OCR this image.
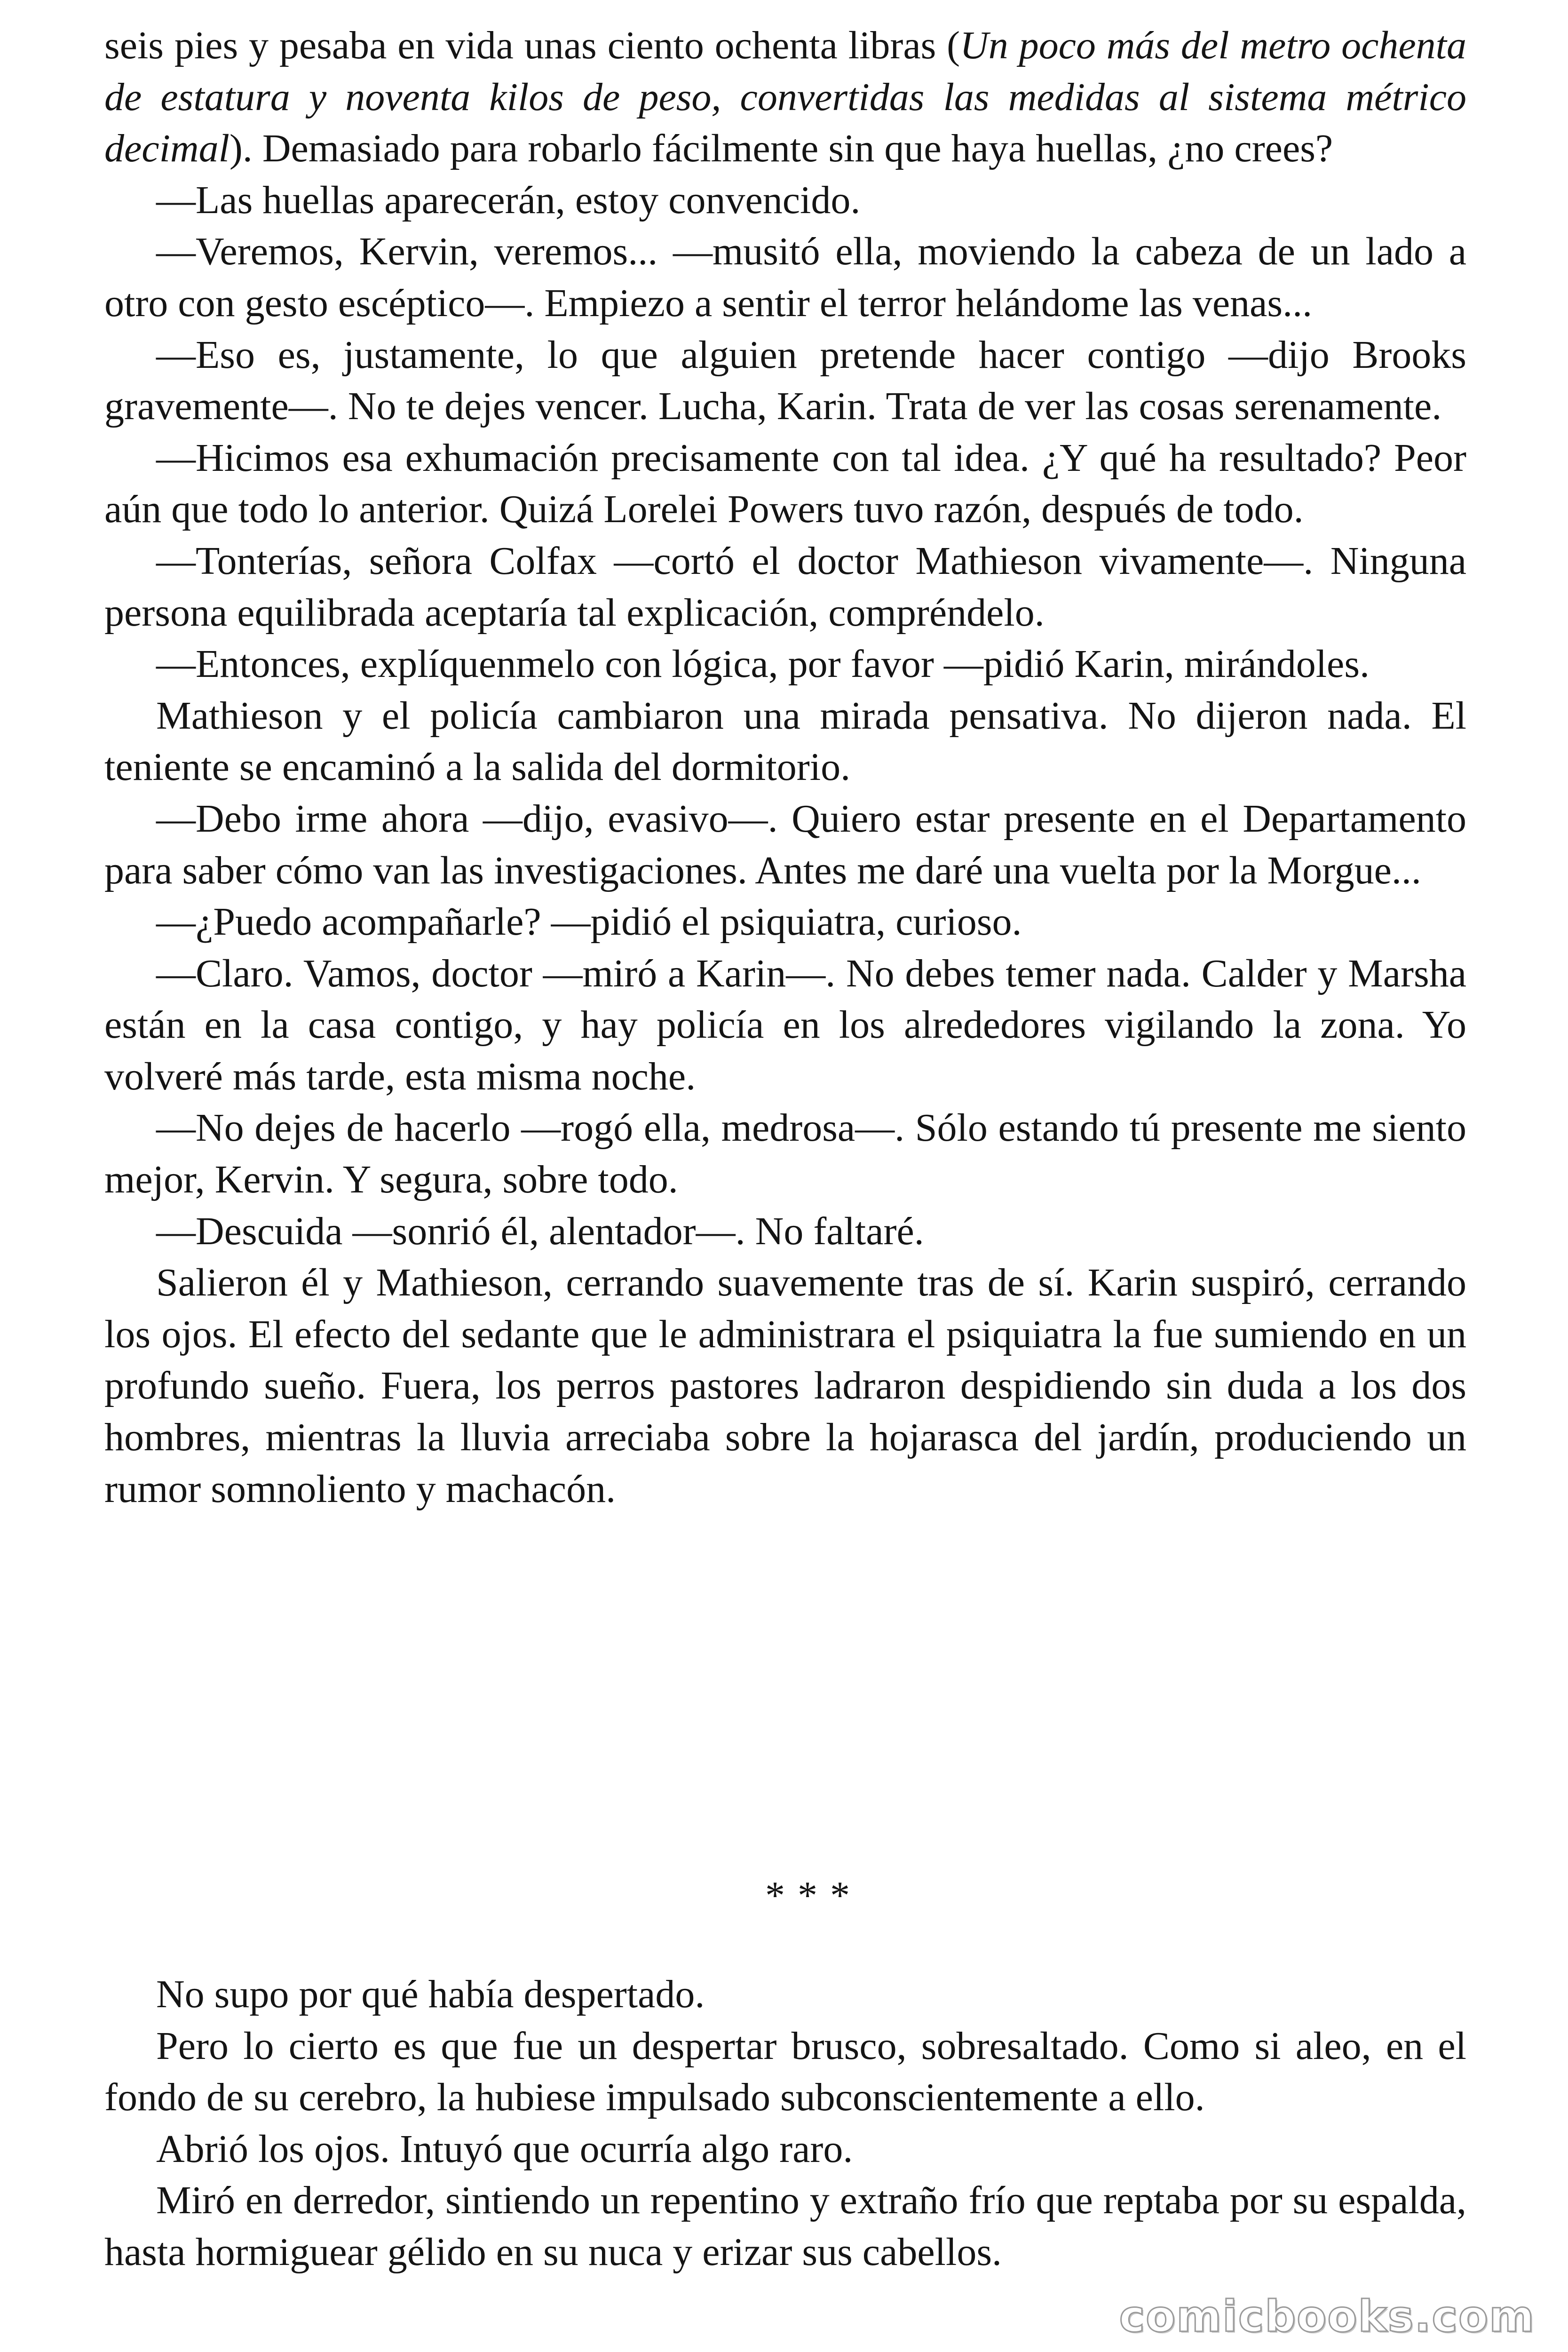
seis pies y pesaba en vida unas ciento ochenta libras (Un poco más del metro ochenta de estatura y noventa kilos de peso, convertidas las medidas al sistema métrico decimal). Demasiado para robarlo fácilmente sin que haya huellas, ¿no crees?

—Las huellas aparecerán, estoy convencido.

—Veremos, Kervin, veremos... —musitó ella, moviendo la cabeza de un lado a otro con gesto escéptico—. Empiezo a sentir el terror helándome las venas...

—Eso es, justamente, lo que alguien pretende hacer contigo —dijo Brooks gravemente—. No te dejes vencer. Lucha, Karin. Trata de ver las cosas serenamente.

—Hicimos esa exhumación precisamente con tal idea. ¿Y qué ha resultado? Peor aún que todo lo anterior. Quizá Lorelei Powers tuvo razón, después de todo.

—Tonterías, señora Colfax —cortó el doctor Mathieson vivamente—. Ninguna persona equilibrada aceptaría tal explicación, compréndelo.

—Entonces, explíquenmelo con lógica, por favor —pidió Karin, mirándoles.

Mathieson y el policía cambiaron una mirada pensativa. No dijeron nada. El teniente se encaminó a la salida del dormitorio.

—Debo irme ahora —dijo, evasivo—. Quiero estar presente en el Departamento para saber cómo van las investigaciones. Antes me daré una vuelta por la Morgue...

—¿Puedo acompañarle? —pidió el psiquiatra, curioso.

—Claro. Vamos, doctor —miró a Karin—. No debes temer nada. Calder y Marsha están en la casa contigo, y hay policía en los alrededores vigilando la zona. Yo volveré más tarde, esta misma noche.

—No dejes de hacerlo —rogó ella, medrosa—. Sólo estando tú presente me siento mejor, Kervin. Y segura, sobre todo.

—Descuida —sonrió él, alentador—. No faltaré.

Salieron él y Mathieson, cerrando suavemente tras de sí. Karin suspiró, cerrando los ojos. El efecto del sedante que le administrara el psiquiatra la fue sumiendo en un profundo sueño. Fuera, los perros pastores ladraron despidiendo sin duda a los dos hombres, mientras la lluvia arreciaba sobre la hojarasca del jardín, produciendo un rumor somnoliento y machacón.

* * *

No supo por qué había despertado.

Pero lo cierto es que fue un despertar brusco, sobresaltado. Como si aleo, en el fondo de su cerebro, la hubiese impulsado subconscientemente a ello.

Abrió los ojos. Intuyó que ocurría algo raro.

Miró en derredor, sintiendo un repentino y extraño frío que reptaba por su espalda, hasta hormiguear gélido en su nuca y erizar sus cabellos.

comicbooks.com
